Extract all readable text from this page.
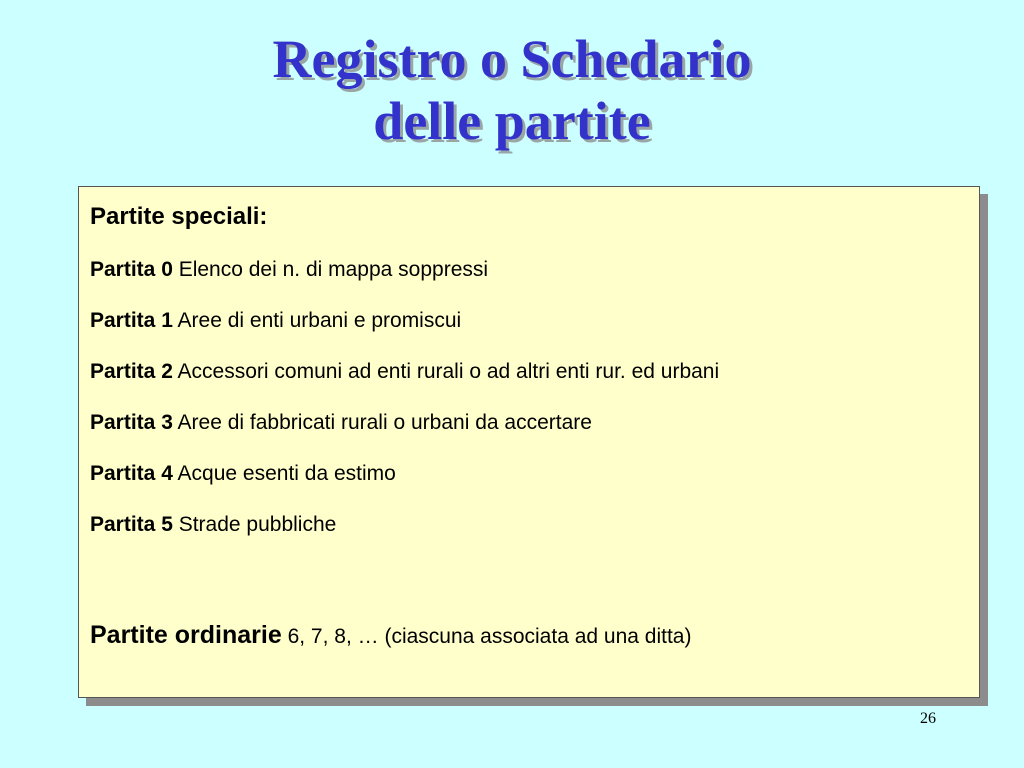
Registro o Schedario
delle partite
Partite speciali:
Partita 0 Elenco dei n. di mappa soppressi
Partita 1 Aree di enti urbani e promiscui
Partita 2 Accessori comuni ad enti rurali o ad altri enti rur. ed urbani
Partita 3 Aree di fabbricati rurali o urbani da accertare
Partita 4 Acque esenti da estimo
Partita 5 Strade pubbliche
Partite ordinarie 6, 7, 8, … (ciascuna associata ad una ditta)
26
